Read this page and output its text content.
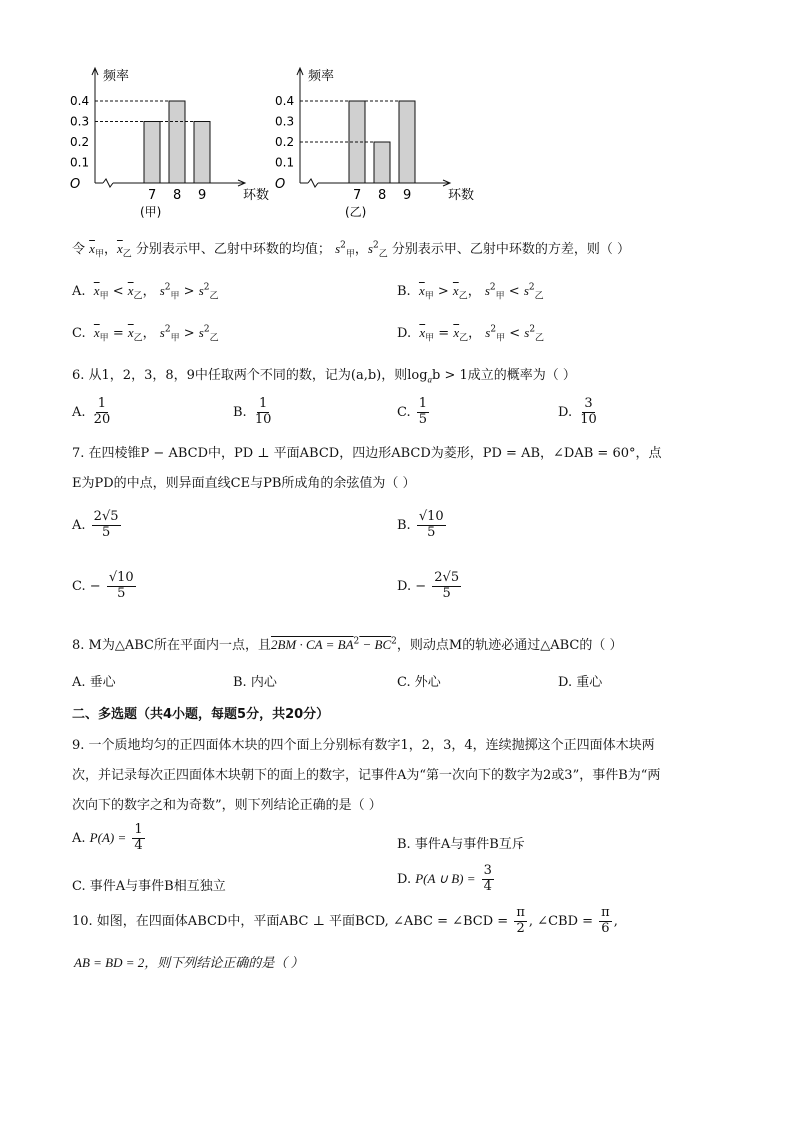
频率
O
环数
0.4
0.3
0.2
0.1
7 8 9
(甲)
频率
O
环数
0.4
0.3
0.2
0.1
7 8 9
(乙)
令 $\overline{x}_甲$，$\overline{x}_乙$ 分别表示甲、乙射中环数的均值； $s^2_甲$，$s^2_乙$ 分别表示甲、乙射中环数的方差，则（ ）
A. $\overline{x}_甲 < \overline{x}_乙$， $s^2_甲 > s^2_乙$	B. $\overline{x}_甲 > \overline{x}_乙$， $s^2_甲 < s^2_乙$
C. $\overline{x}_甲 = \overline{x}_乙$， $s^2_甲 > s^2_乙$	D. $\overline{x}_甲 = \overline{x}_乙$， $s^2_甲 < s^2_乙$
6. 从1，2，3，8，9中任取两个不同的数，记为(a,b)，则$\log_ab > 1$成立的概率为（ ）
A. $\frac{1}{20}$	B. $\frac{1}{10}$	C. $\frac{1}{5}$	D. $\frac{3}{10}$
7. 在四棱锥P − ABCD中，PD ⊥ 平面ABCD，四边形ABCD为菱形，PD = AB，∠DAB = 60°，点
E为PD的中点，则异面直线CE与PB所成角的余弦值为（ ）
A. $\frac{2√5}{5}$	B. $\frac{√10}{5}$
C. − $\frac{√10}{5}$	D. − $\frac{2√5}{5}$
8. M为△ABC所在平面内一点，且2BM · CA = $BA^2 - BC^2$，则动点M的轨迹必通过△ABC的（ ）
A. 垂心	B. 内心	C. 外心	D. 重心
二、多选题（共4小题，每题5分，共20分）
9. 一个质地均匀的正四面体木块的四个面上分别标有数字1，2，3，4，连续抛掷这个正四面体木块两
次，并记录每次正四面体木块朝下的面上的数字，记事件A为“第一次向下的数字为2或3”，事件B为“两
次向下的数字之和为奇数”，则下列结论正确的是（ ）
A. $P(A) = \frac{1}{4}$	B. 事件A与事件B互斥
C. 事件A与事件B相互独立	D. P(A ∪ $B) = \frac{3}{4}$
10. 如图，在四面体ABCD中，平面ABC ⊥ 平面BCD, ∠ABC = ∠BCD = $\frac{\pi}{2}$ , ∠CBD = $\frac{\pi}{6}$ ,
AB = BD = 2，则下列结论正确的是（ ）
